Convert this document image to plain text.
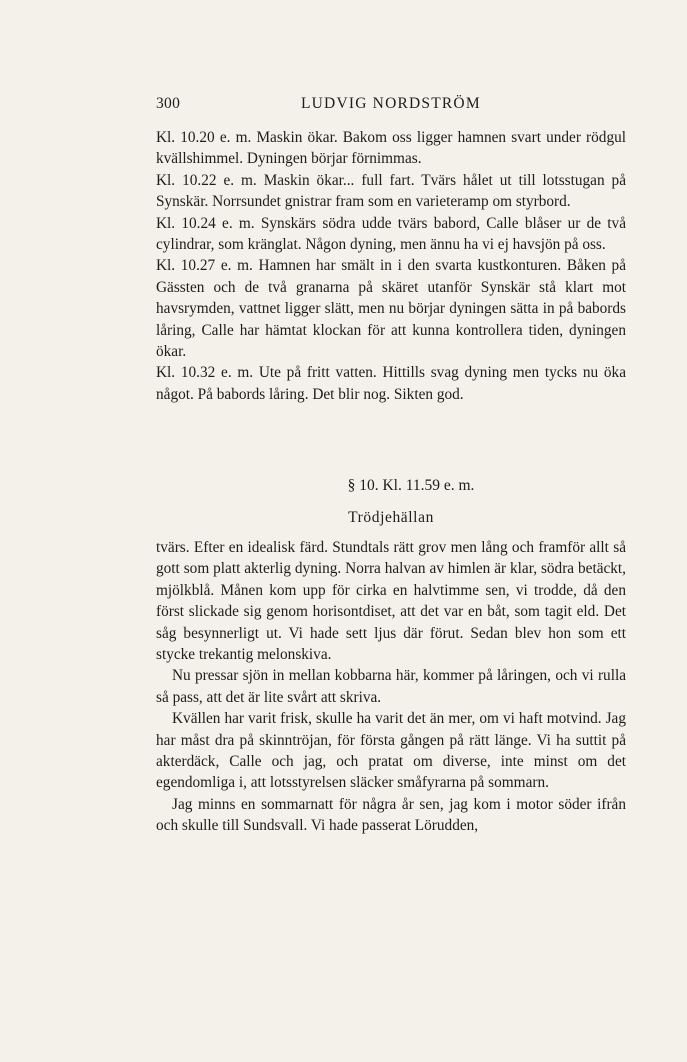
300	LUDVIG NORDSTRÖM

Kl. 10.20 e. m. Maskin ökar. Bakom oss ligger hamnen svart under rödgul kvällshimmel. Dyningen börjar förnimmas.

Kl. 10.22 e. m. Maskin ökar... full fart. Tvärs hålet ut till lotsstugan på Synskär. Norrsundet gnistrar fram som en varieteramp om styrbord.

Kl. 10.24 e. m. Synskärs södra udde tvärs babord, Calle blåser ur de två cylindrar, som kränglat. Någon dyning, men ännu ha vi ej havsjön på oss.

Kl. 10.27 e. m. Hamnen har smält in i den svarta kustkonturen. Båken på Gässten och de två granarna på skäret utanför Synskär stå klart mot havsrymden, vattnet ligger slätt, men nu börjar dyningen sätta in på babords låring, Calle har hämtat klockan för att kunna kontrollera tiden, dyningen ökar.

Kl. 10.32 e. m. Ute på fritt vatten. Hittills svag dyning men tycks nu öka något. På babords låring. Det blir nog. Sikten god.

§ 10. Kl. 11.59 e. m.
Trödjehällan

tvärs. Efter en idealisk färd. Stundtals rätt grov men lång och framför allt så gott som platt akterlig dyning. Norra halvan av himlen är klar, södra betäckt, mjölkblå. Månen kom upp för cirka en halvtimme sen, vi trodde, då den först slickade sig genom horisontdiset, att det var en båt, som tagit eld. Det såg besynnerligt ut. Vi hade sett ljus där förut. Sedan blev hon som ett stycke trekantig melonskiva.

Nu pressar sjön in mellan kobbarna här, kommer på låringen, och vi rulla så pass, att det är lite svårt att skriva.

Kvällen har varit frisk, skulle ha varit det än mer, om vi haft motvind. Jag har måst dra på skinntröjan, för första gången på rätt länge. Vi ha suttit på akterdäck, Calle och jag, och pratat om diverse, inte minst om det egendomliga i, att lotsstyrelsen släcker småfyrarna på sommarn.

Jag minns en sommarnatt för några år sen, jag kom i motor söder ifrån och skulle till Sundsvall. Vi hade passerat Lörudden,
